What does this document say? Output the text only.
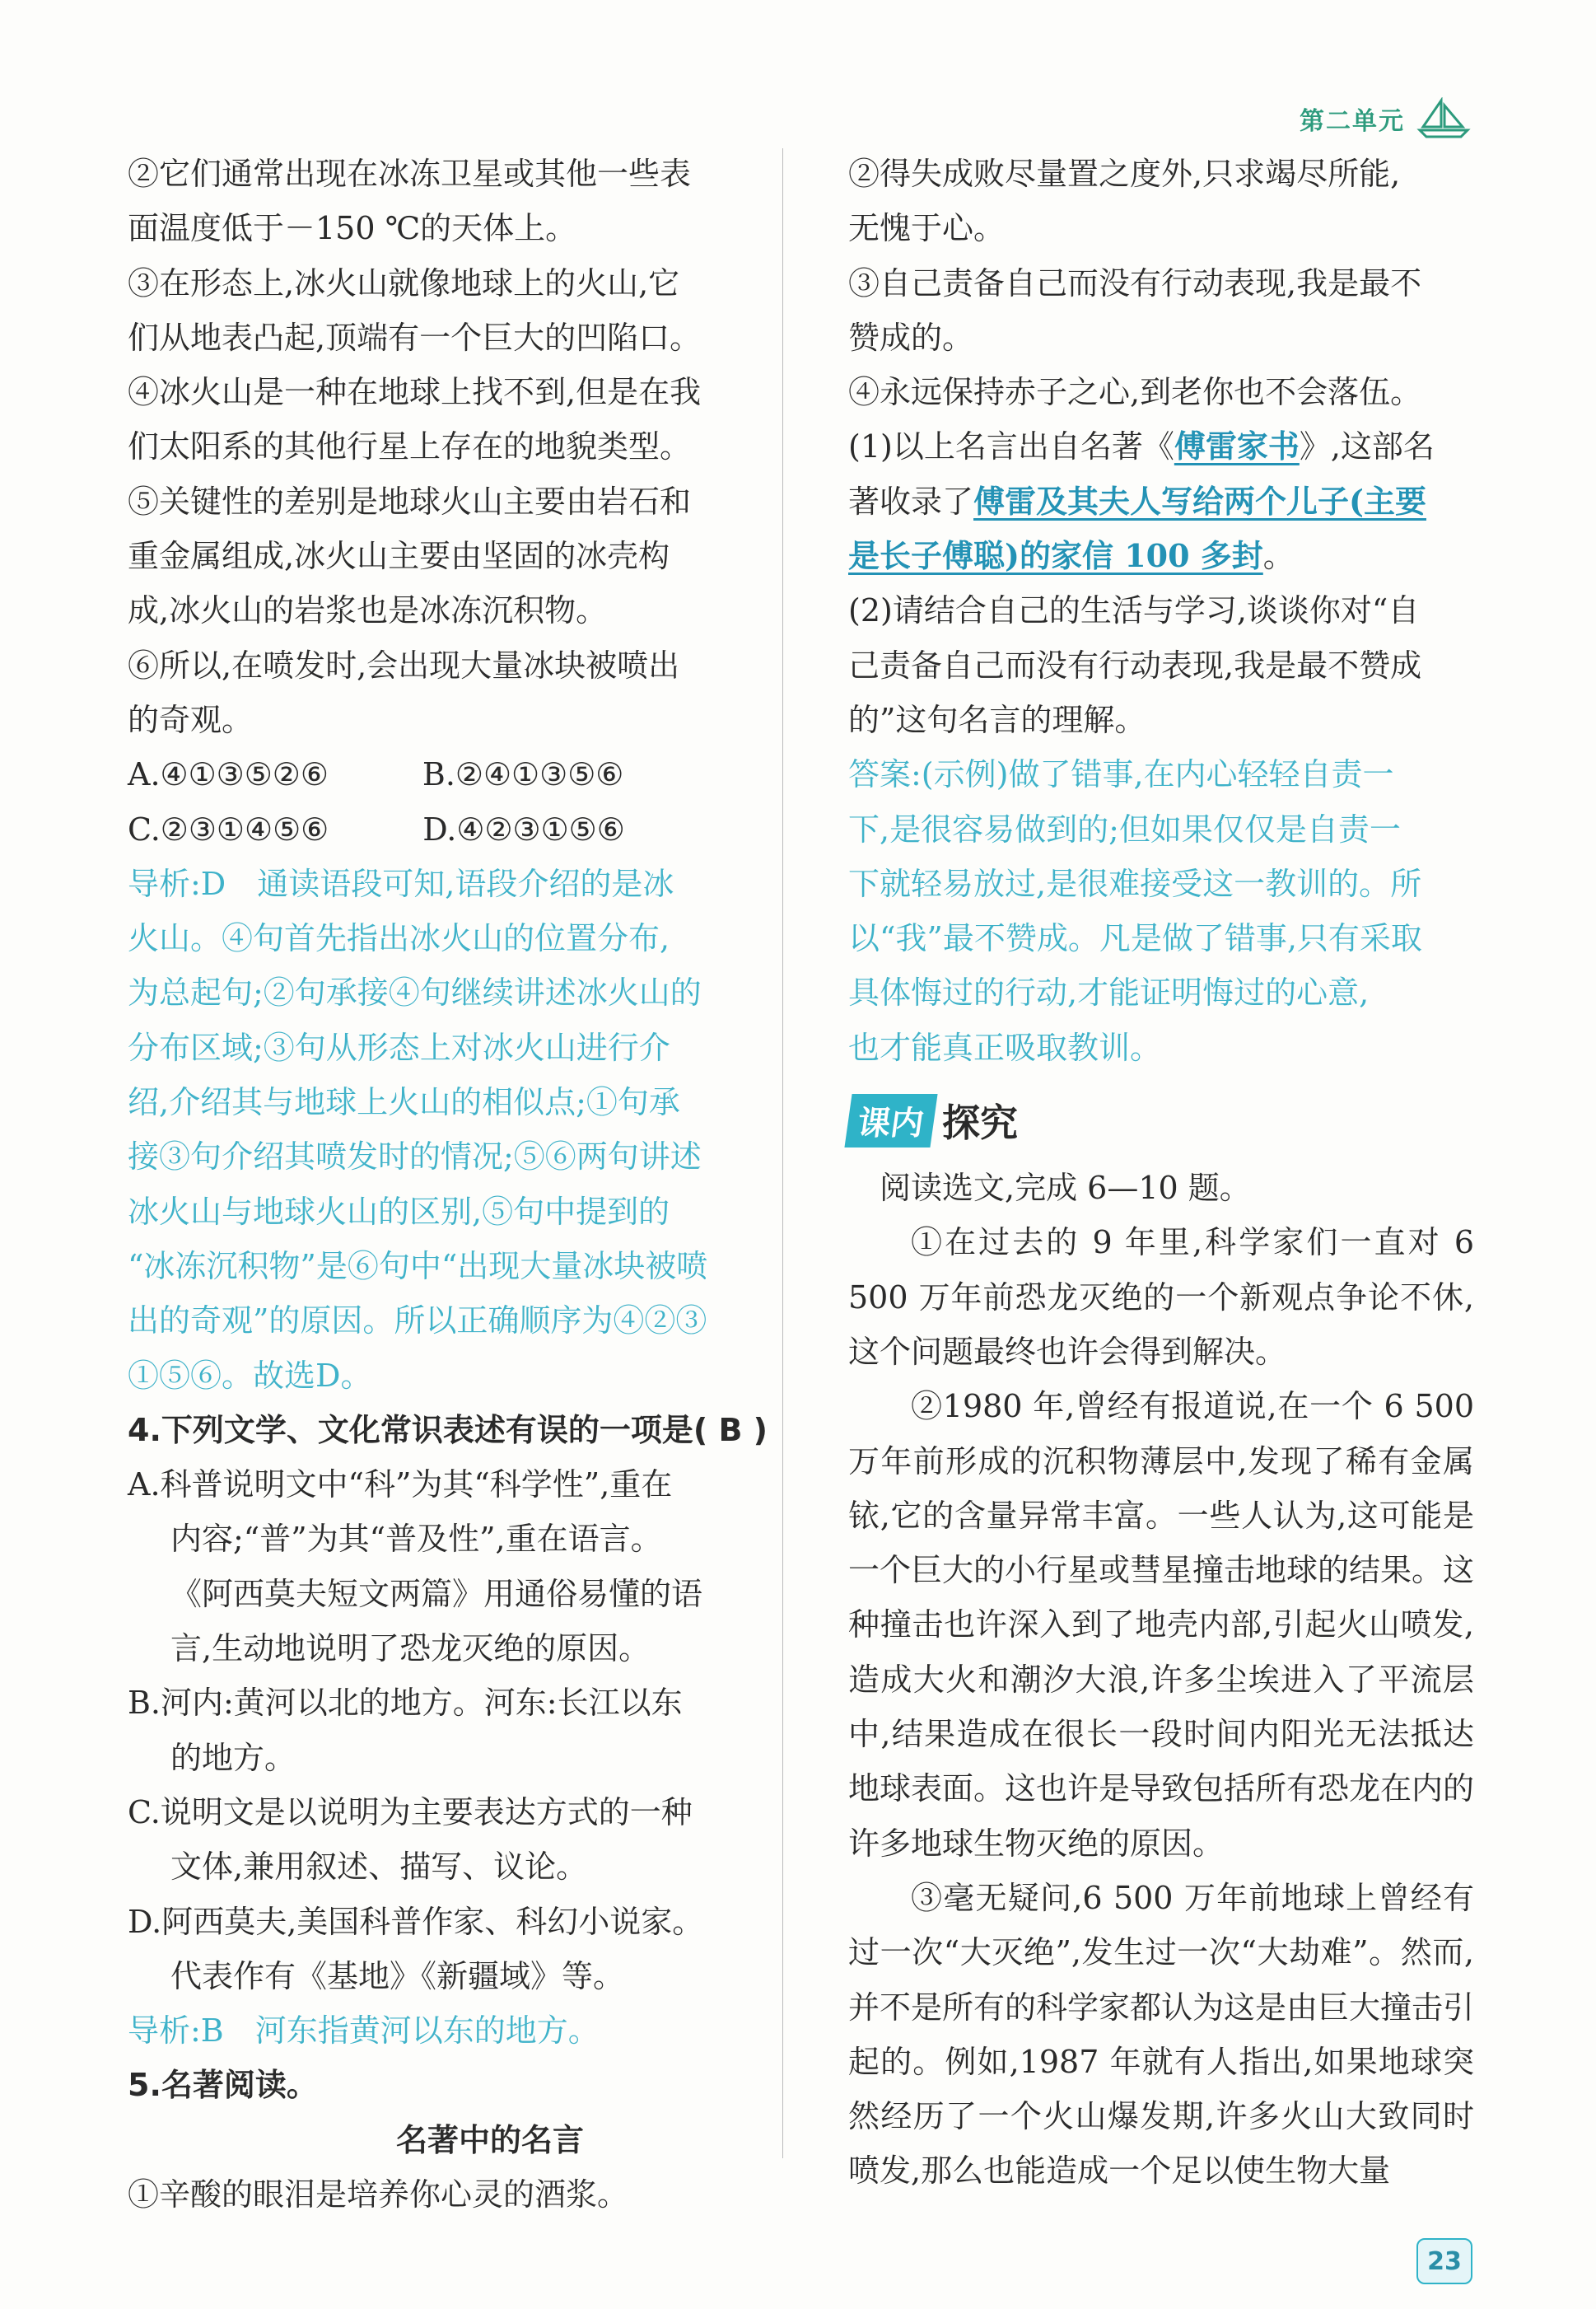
第二单元
②它们通常出现在冰冻卫星或其他一些表
面温度低于－150 ℃的天体上。
③在形态上,冰火山就像地球上的火山,它
们从地表凸起,顶端有一个巨大的凹陷口。
④冰火山是一种在地球上找不到,但是在我
们太阳系的其他行星上存在的地貌类型。
⑤关键性的差别是地球火山主要由岩石和
重金属组成,冰火山主要由坚固的冰壳构
成,冰火山的岩浆也是冰冻沉积物。
⑥所以,在喷发时,会出现大量冰块被喷出
的奇观。
A.④①③⑤②⑥　　　B.②④①③⑤⑥
C.②③①④⑤⑥　　　D.④②③①⑤⑥
导析:D　通读语段可知,语段介绍的是冰
火山。④句首先指出冰火山的位置分布,
为总起句;②句承接④句继续讲述冰火山的
分布区域;③句从形态上对冰火山进行介
绍,介绍其与地球上火山的相似点;①句承
接③句介绍其喷发时的情况;⑤⑥两句讲述
冰火山与地球火山的区别,⑤句中提到的
“冰冻沉积物”是⑥句中“出现大量冰块被喷
出的奇观”的原因。所以正确顺序为④②③
①⑤⑥。故选D。
4.下列文学、文化常识表述有误的一项是( B )
A.科普说明文中“科”为其“科学性”,重在
内容;“普”为其“普及性”,重在语言。
《阿西莫夫短文两篇》用通俗易懂的语
言,生动地说明了恐龙灭绝的原因。
B.河内:黄河以北的地方。河东:长江以东
的地方。
C.说明文是以说明为主要表达方式的一种
文体,兼用叙述、描写、议论。
D.阿西莫夫,美国科普作家、科幻小说家。
代表作有《基地》《新疆域》等。
导析:B　河东指黄河以东的地方。
5.名著阅读。
名著中的名言
①辛酸的眼泪是培养你心灵的酒浆。
②得失成败尽量置之度外,只求竭尽所能,
无愧于心。
③自己责备自己而没有行动表现,我是最不
赞成的。
④永远保持赤子之心,到老你也不会落伍。
(1)以上名言出自名著《傅雷家书》,这部名
著收录了傅雷及其夫人写给两个儿子(主要
是长子傅聪)的家信 100 多封。
(2)请结合自己的生活与学习,谈谈你对“自
己责备自己而没有行动表现,我是最不赞成
的”这句名言的理解。
答案:(示例)做了错事,在内心轻轻自责一
下,是很容易做到的;但如果仅仅是自责一
下就轻易放过,是很难接受这一教训的。所
以“我”最不赞成。凡是做了错事,只有采取
具体悔过的行动,才能证明悔过的心意,
也才能真正吸取教训。
课内 探究
阅读选文,完成 6—10 题。

①在过去的 9 年里,科学家们一直对 6 500 万年前恐龙灭绝的一个新观点争论不休,这个问题最终也许会得到解决。

②1980 年,曾经有报道说,在一个 6 500 万年前形成的沉积物薄层中,发现了稀有金属铱,它的含量异常丰富。一些人认为,这可能是一个巨大的小行星或彗星撞击地球的结果。这种撞击也许深入到了地壳内部,引起火山喷发,造成大火和潮汐大浪,许多尘埃进入了平流层中,结果造成在很长一段时间内阳光无法抵达地球表面。这也许是导致包括所有恐龙在内的许多地球生物灭绝的原因。

③毫无疑问,6 500 万年前地球上曾经有过一次“大灭绝”,发生过一次“大劫难”。然而,并不是所有的科学家都认为这是由巨大撞击引起的。例如,1987 年就有人指出,如果地球突然经历了一个火山爆发期,许多火山大致同时喷发,那么也能造成一个足以使生物大量

23
